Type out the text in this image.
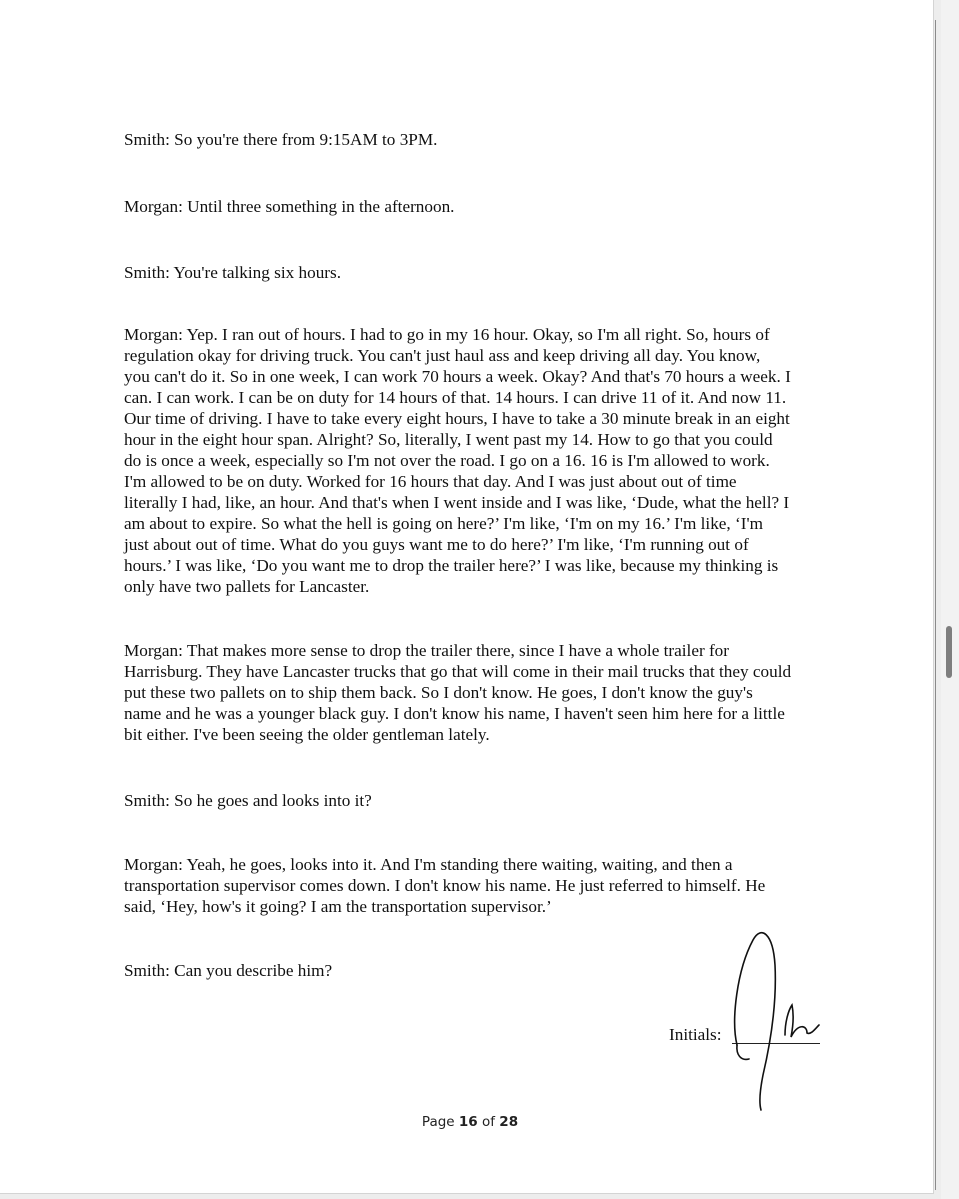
Smith: So you're there from 9:15AM to 3PM.

Morgan: Until three something in the afternoon.

Smith: You're talking six hours.

Morgan: Yep. I ran out of hours. I had to go in my 16 hour. Okay, so I'm all right. So, hours of
regulation okay for driving truck. You can't just haul ass and keep driving all day. You know,
you can't do it. So in one week, I can work 70 hours a week. Okay? And that's 70 hours a week. I
can. I can work. I can be on duty for 14 hours of that. 14 hours. I can drive 11 of it. And now 11.
Our time of driving. I have to take every eight hours, I have to take a 30 minute break in an eight
hour in the eight hour span. Alright? So, literally, I went past my 14. How to go that you could
do is once a week, especially so I'm not over the road. I go on a 16. 16 is I'm allowed to work.
I'm allowed to be on duty. Worked for 16 hours that day. And I was just about out of time
literally I had, like, an hour. And that's when I went inside and I was like, ‘Dude, what the hell? I
am about to expire. So what the hell is going on here?’ I'm like, ‘I'm on my 16.’ I'm like, ‘I'm
just about out of time. What do you guys want me to do here?’ I'm like, ‘I'm running out of
hours.’ I was like, ‘Do you want me to drop the trailer here?’ I was like, because my thinking is
only have two pallets for Lancaster.

Morgan: That makes more sense to drop the trailer there, since I have a whole trailer for
Harrisburg. They have Lancaster trucks that go that will come in their mail trucks that they could
put these two pallets on to ship them back. So I don't know. He goes, I don't know the guy's
name and he was a younger black guy. I don't know his name, I haven't seen him here for a little
bit either. I've been seeing the older gentleman lately.

Smith: So he goes and looks into it?

Morgan: Yeah, he goes, looks into it. And I'm standing there waiting, waiting, and then a
transportation supervisor comes down. I don't know his name. He just referred to himself. He
said, ‘Hey, how's it going? I am the transportation supervisor.’

Smith: Can you describe him?

Initials:
Page 16 of 28
